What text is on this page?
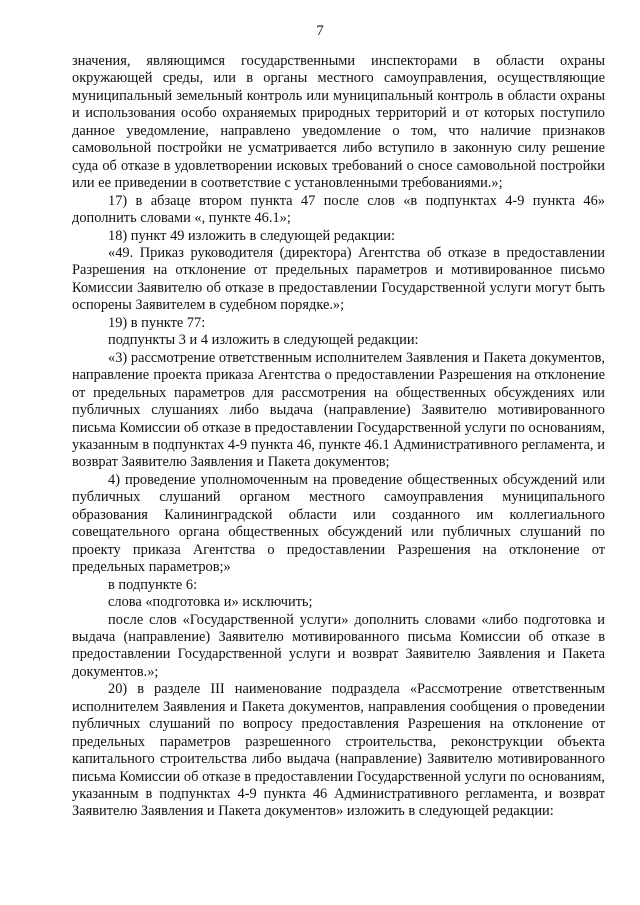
7

значения, являющимся государственными инспекторами в области охраны окружающей среды, или в органы местного самоуправления, осуществляющие муниципальный земельный контроль или муниципальный контроль в области охраны и использования особо охраняемых природных территорий и от которых поступило данное уведомление, направлено уведомление о том, что наличие признаков самовольной постройки не усматривается либо вступило в законную силу решение суда об отказе в удовлетворении исковых требований о сносе самовольной постройки или ее приведении в соответствие с установленными требованиями.»;

17) в абзаце втором пункта 47 после слов «в подпунктах 4-9 пункта 46» дополнить словами «, пункте 46.1»;

18) пункт 49 изложить в следующей редакции:

«49. Приказ руководителя (директора) Агентства об отказе в предоставлении Разрешения на отклонение от предельных параметров и мотивированное письмо Комиссии Заявителю об отказе в предоставлении Государственной услуги могут быть оспорены Заявителем в судебном порядке.»;

19) в пункте 77:

подпункты 3 и 4 изложить в следующей редакции:

«3) рассмотрение ответственным исполнителем Заявления и Пакета документов, направление проекта приказа Агентства о предоставлении Разрешения на отклонение от предельных параметров для рассмотрения на общественных обсуждениях или публичных слушаниях либо выдача (направление) Заявителю мотивированного письма Комиссии об отказе в предоставлении Государственной услуги по основаниям, указанным в подпунктах 4-9 пункта 46, пункте 46.1 Административного регламента, и возврат Заявителю Заявления и Пакета документов;

4) проведение уполномоченным на проведение общественных обсуждений или публичных слушаний органом местного самоуправления муниципального образования Калининградской области или созданного им коллегиального совещательного органа общественных обсуждений или публичных слушаний по проекту приказа Агентства о предоставлении Разрешения на отклонение от предельных параметров;»

в подпункте 6:

слова «подготовка и» исключить;

после слов «Государственной услуги» дополнить словами «либо подготовка и выдача (направление) Заявителю мотивированного письма Комиссии об отказе в предоставлении Государственной услуги и возврат Заявителю Заявления и Пакета документов.»;

20) в разделе III наименование подраздела «Рассмотрение ответственным исполнителем Заявления и Пакета документов, направления сообщения о проведении публичных слушаний по вопросу предоставления Разрешения на отклонение от предельных параметров разрешенного строительства, реконструкции объекта капитального строительства либо выдача (направление) Заявителю мотивированного письма Комиссии об отказе в предоставлении Государственной услуги по основаниям, указанным в подпунктах 4-9 пункта 46 Административного регламента, и возврат Заявителю Заявления и Пакета документов» изложить в следующей редакции:
